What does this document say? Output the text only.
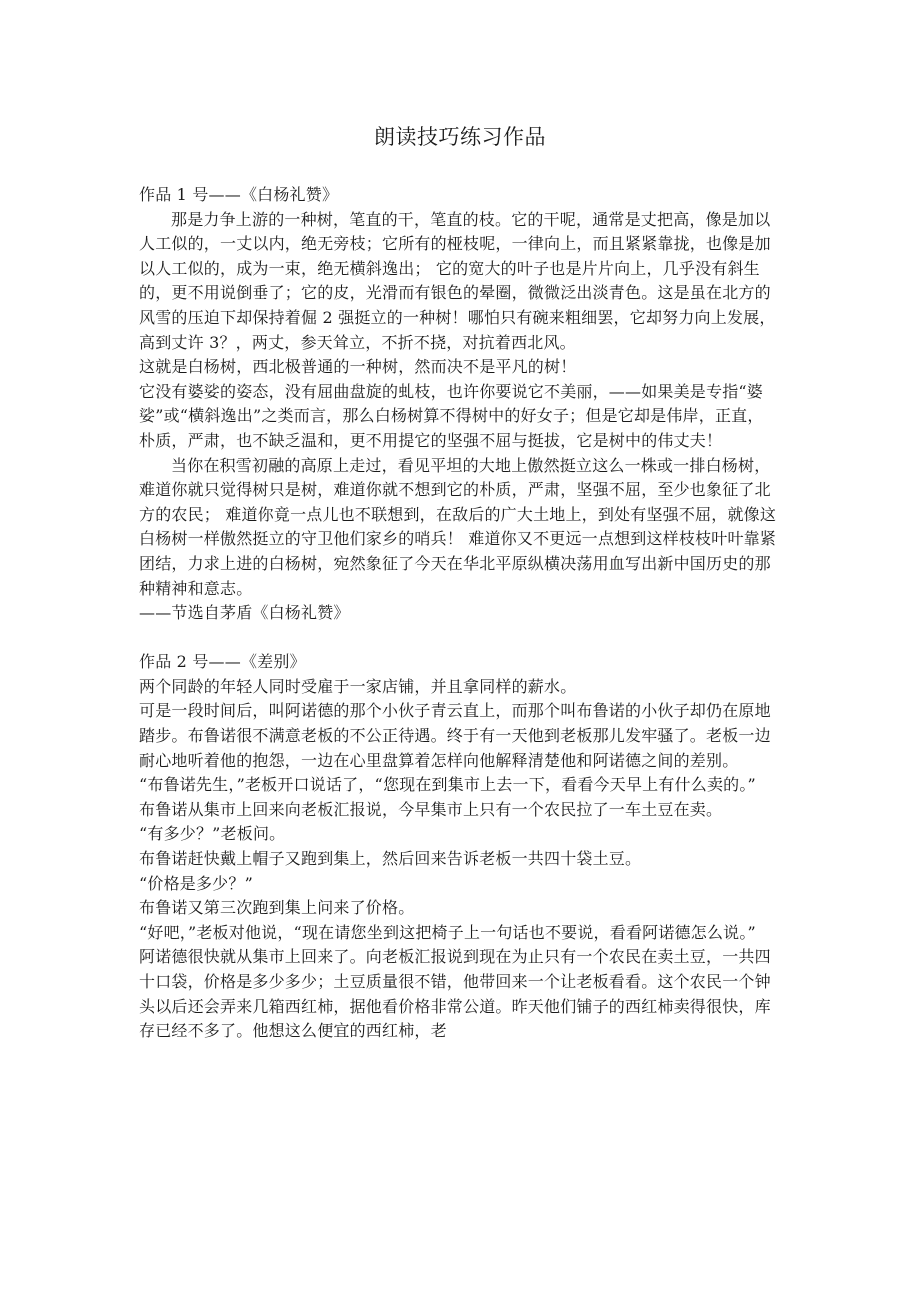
朗读技巧练习作品

作品 1 号——《白杨礼赞》

那是力争上游的一种树，笔直的干，笔直的枝。它的干呢，通常是丈把高，像是加以人工似的，一丈以内，绝无旁枝；它所有的桠枝呢，一律向上，而且紧紧靠拢，也像是加以人工似的，成为一束，绝无横斜逸出； 它的宽大的叶子也是片片向上，几乎没有斜生的，更不用说倒垂了；它的皮，光滑而有银色的晕圈，微微泛出淡青色。这是虽在北方的风雪的压迫下却保持着倔 2 强挺立的一种树！哪怕只有碗来粗细罢，它却努力向上发展，高到丈许 3？，两丈，参天耸立，不折不挠，对抗着西北风。

这就是白杨树，西北极普通的一种树，然而决不是平凡的树！

它没有婆娑的姿态，没有屈曲盘旋的虬枝，也许你要说它不美丽，——如果美是专指“婆娑”或“横斜逸出”之类而言，那么白杨树算不得树中的好女子；但是它却是伟岸，正直，朴质，严肃，也不缺乏温和，更不用提它的坚强不屈与挺拔，它是树中的伟丈夫！

当你在积雪初融的高原上走过，看见平坦的大地上傲然挺立这么一株或一排白杨树，难道你就只觉得树只是树，难道你就不想到它的朴质，严肃，坚强不屈，至少也象征了北方的农民； 难道你竟一点儿也不联想到，在敌后的广大土地上，到处有坚强不屈，就像这白杨树一样傲然挺立的守卫他们家乡的哨兵！ 难道你又不更远一点想到这样枝枝叶叶靠紧团结，力求上进的白杨树，宛然象征了今天在华北平原纵横决荡用血写出新中国历史的那种精神和意志。

——节选自茅盾《白杨礼赞》

作品 2 号——《差别》

两个同龄的年轻人同时受雇于一家店铺，并且拿同样的薪水。

可是一段时间后，叫阿诺德的那个小伙子青云直上，而那个叫布鲁诺的小伙子却仍在原地踏步。布鲁诺很不满意老板的不公正待遇。终于有一天他到老板那儿发牢骚了。老板一边耐心地听着他的抱怨，一边在心里盘算着怎样向他解释清楚他和阿诺德之间的差别。

“布鲁诺先生，”老板开口说话了，“您现在到集市上去一下，看看今天早上有什么卖的。”

布鲁诺从集市上回来向老板汇报说，今早集市上只有一个农民拉了一车土豆在卖。

“有多少？”老板问。

布鲁诺赶快戴上帽子又跑到集上，然后回来告诉老板一共四十袋土豆。

“价格是多少？”

布鲁诺又第三次跑到集上问来了价格。

“好吧，”老板对他说，“现在请您坐到这把椅子上一句话也不要说，看看阿诺德怎么说。”

阿诺德很快就从集市上回来了。向老板汇报说到现在为止只有一个农民在卖土豆，一共四十口袋，价格是多少多少；土豆质量很不错，他带回来一个让老板看看。这个农民一个钟头以后还会弄来几箱西红柿，据他看价格非常公道。昨天他们铺子的西红柿卖得很快，库存已经不多了。他想这么便宜的西红柿，老
